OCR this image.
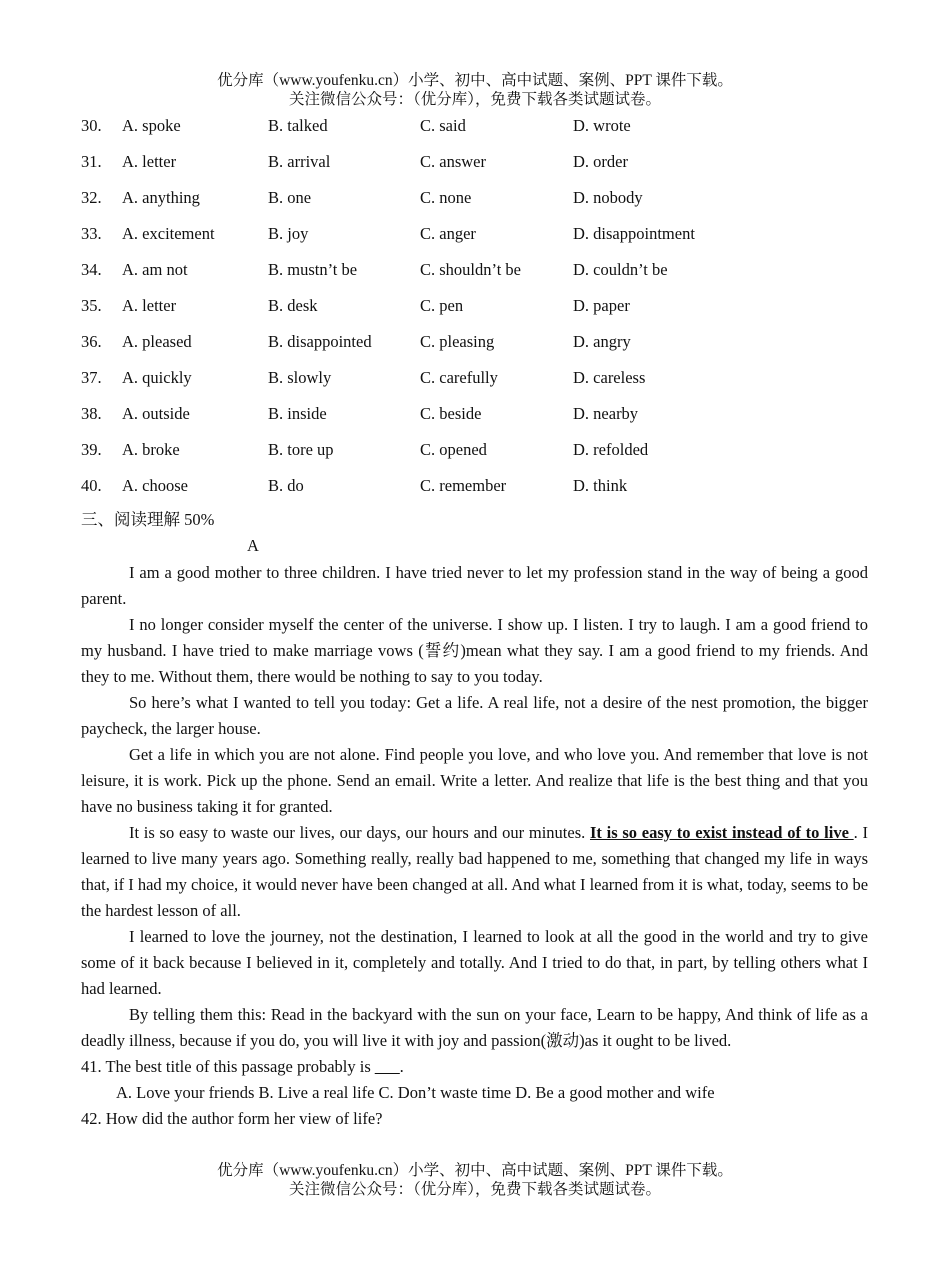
优分库（www.youfenku.cn）小学、初中、高中试题、案例、PPT 课件下载。
关注微信公众号：（优分库），免费下载各类试题试卷。
30. A. spoke	B. talked	C. said	D. wrote
31. A. letter	B. arrival	C. answer	D. order
32. A. anything	B. one	C. none	D. nobody
33. A. excitement	B. joy	C. anger	D. disappointment
34. A. am not	B. mustn’t be	C. shouldn’t be	D. couldn’t be
35. A. letter	B. desk	C. pen	D. paper
36. A. pleased	B. disappointed	C. pleasing	D. angry
37. A. quickly	B. slowly	C. carefully	D. careless
38. A. outside	B. inside	C. beside	D. nearby
39. A. broke	B. tore up	C. opened	D. refolded
40. A. choose	B. do	C. remember	D. think
三、阅读理解 50%
A

I am a good mother to three children. I have tried never to let my profession stand in the way of being a good parent.

I no longer consider myself the center of the universe. I show up. I listen. I try to laugh. I am a good friend to my husband. I have tried to make marriage vows (誓约)mean what they say. I am a good friend to my friends. And they to me. Without them, there would be nothing to say to you today.

So here’s what I wanted to tell you today: Get a life. A real life, not a desire of the nest promotion, the bigger paycheck, the larger house.

Get a life in which you are not alone. Find people you love, and who love you. And remember that love is not leisure, it is work. Pick up the phone. Send an email. Write a letter. And realize that life is the best thing and that you have no business taking it for granted.

It is so easy to waste our lives, our days, our hours and our minutes. It is so easy to exist instead of to live . I learned to live many years ago. Something really, really bad happened to me, something that changed my life in ways that, if I had my choice, it would never have been changed at all. And what I learned from it is what, today, seems to be the hardest lesson of all.

I learned to love the journey, not the destination, I learned to look at all the good in the world and try to give some of it back because I believed in it, completely and totally. And I tried to do that, in part, by telling others what I had learned.

By telling them this: Read in the backyard with the sun on your face, Learn to be happy, And think of life as a deadly illness, because if you do, you will live it with joy and passion(激动)as it ought to be lived.

41. The best title of this passage probably is ___.
A. Love your friends B. Live a real life C. Don’t waste time D. Be a good mother and wife
42. How did the author form her view of life?
优分库（www.youfenku.cn）小学、初中、高中试题、案例、PPT 课件下载。
关注微信公众号：（优分库），免费下载各类试题试卷。
